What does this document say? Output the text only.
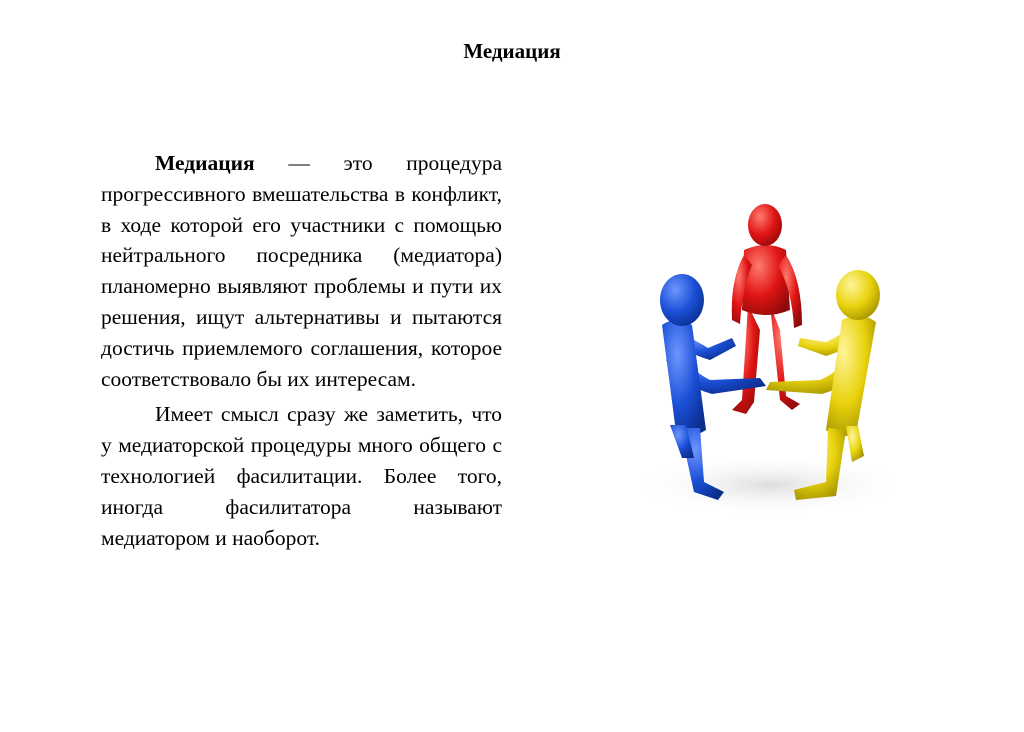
Медиация

Медиация — это процедура прогрессивного вмешательства в конфликт, в ходе которой его участники с помощью нейтрального посредника (медиатора) планомерно выявляют проблемы и пути их решения, ищут альтернативы и пытаются достичь приемлемого соглашения, которое соответствовало бы их интересам.

Имеет смысл сразу же заметить, что у медиаторской процедуры много общего с технологией фасилитации. Более того, иногда фасилитатора называют медиатором и наоборот.
